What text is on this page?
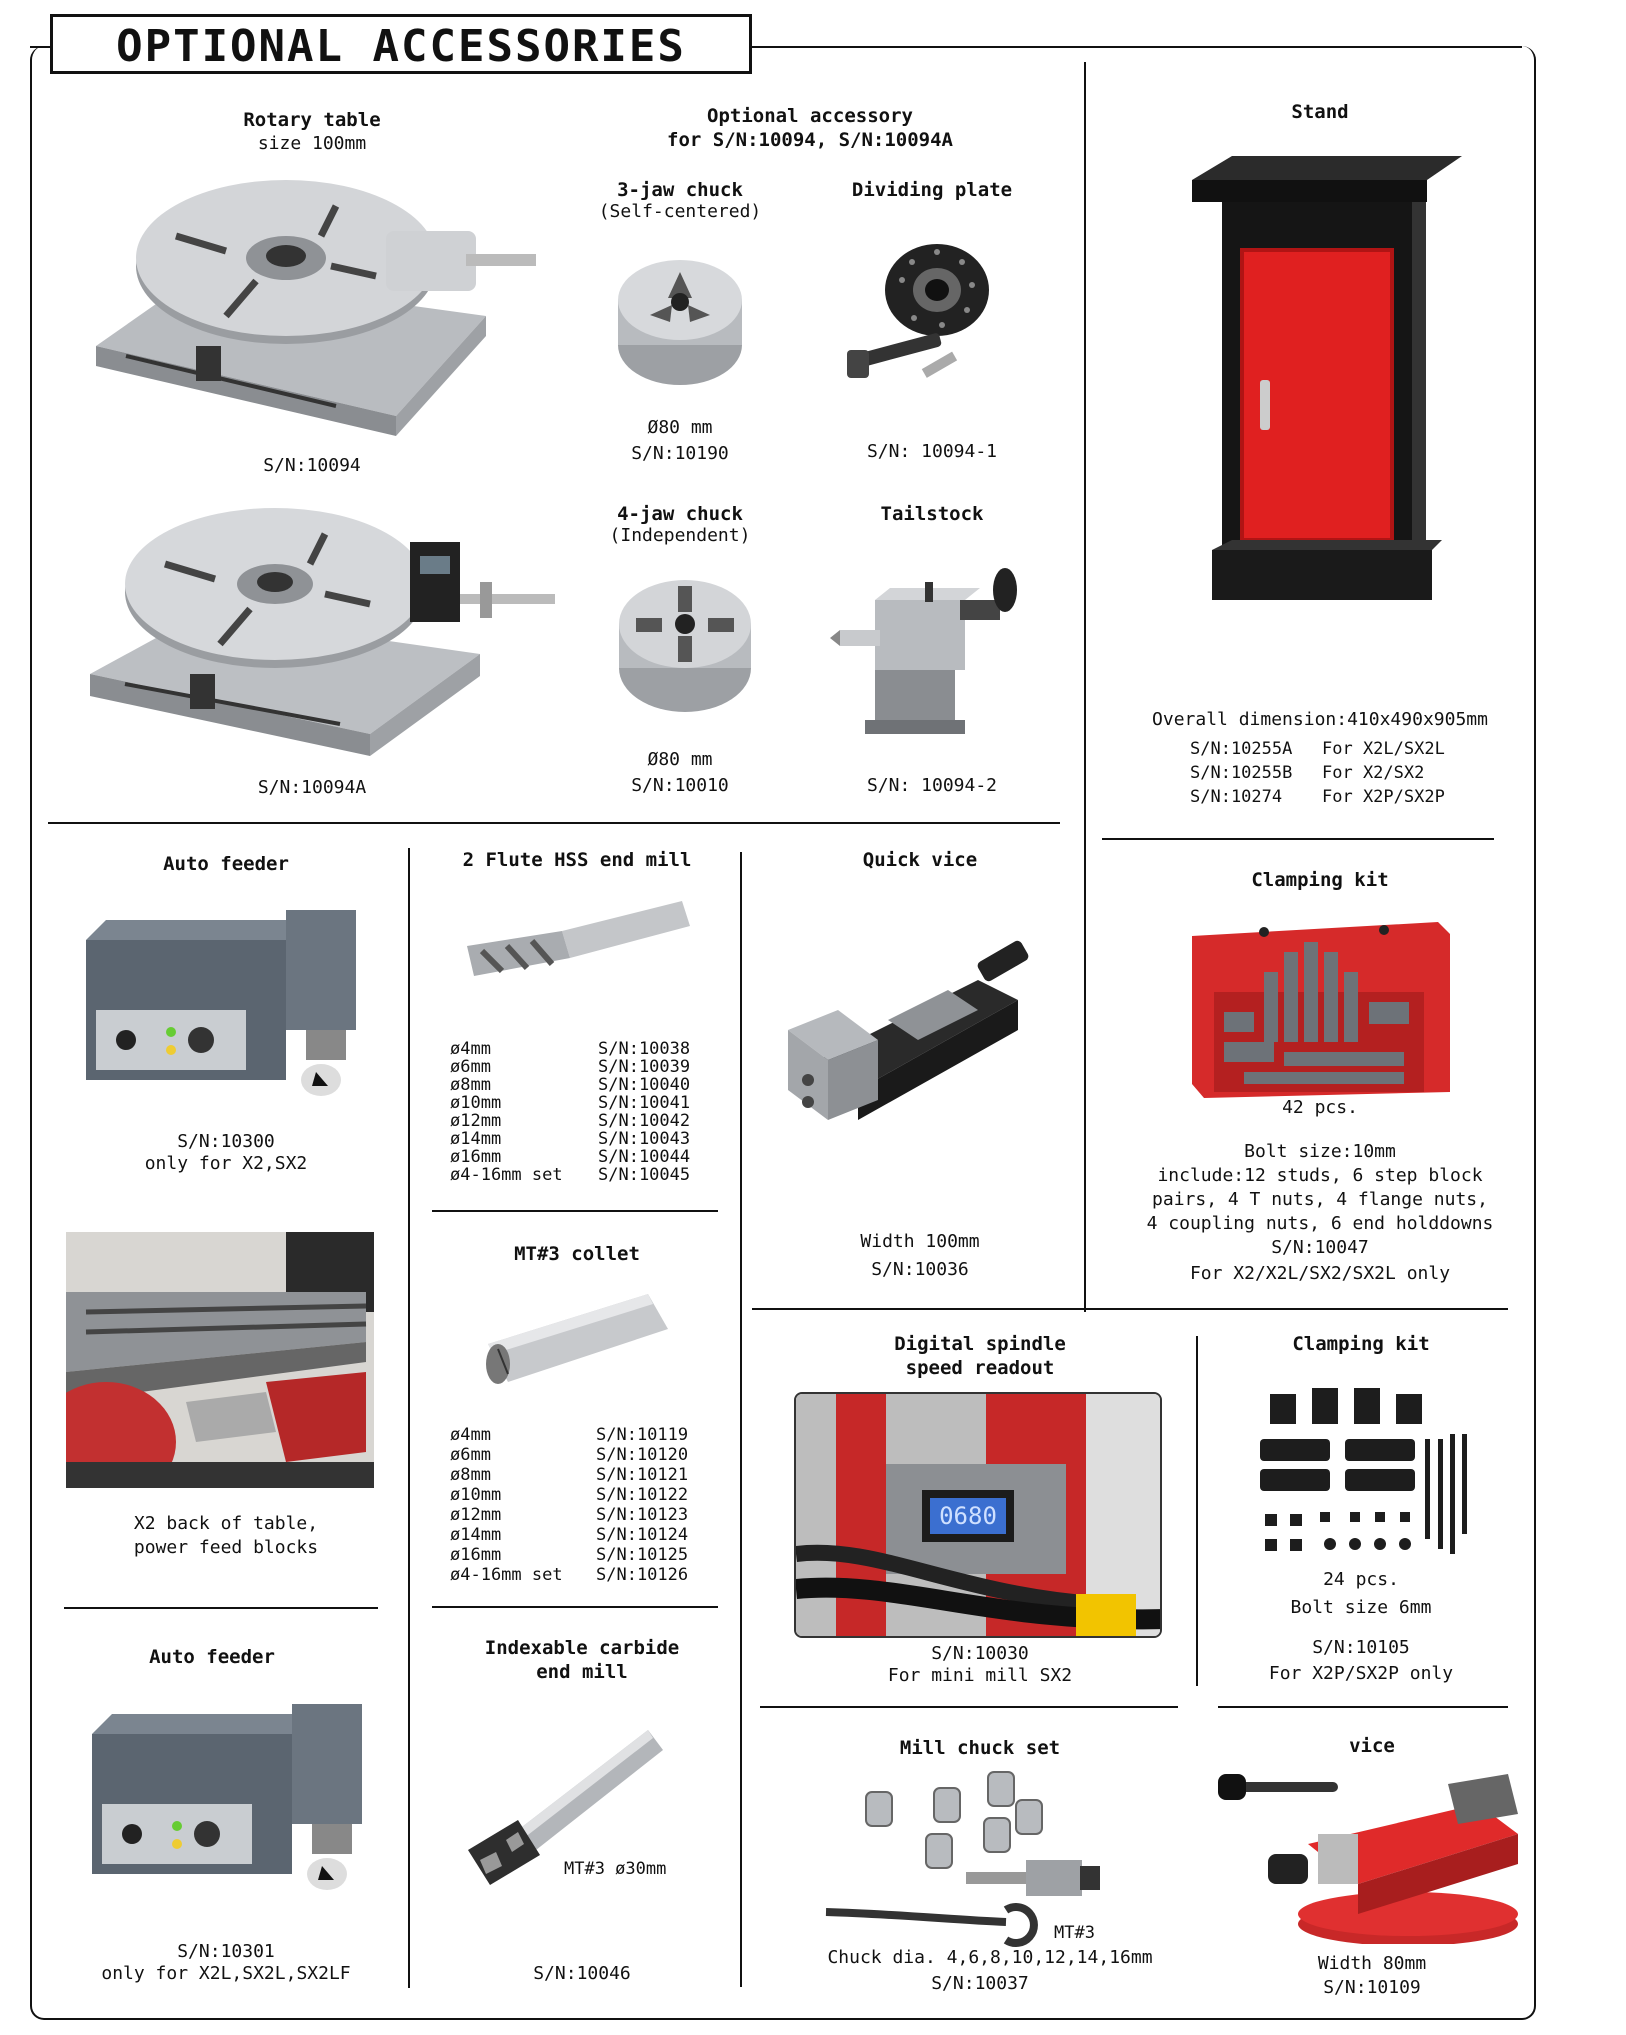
OPTIONAL ACCESSORIES
Rotary table
size 100mm
S/N:10094
S/N:10094A
Optional accessory
for S/N:10094, S/N:10094A
3-jaw chuck
(Self-centered)
Ø80 mm
S/N:10190
Dividing plate
S/N: 10094-1
4-jaw chuck
(Independent)
Ø80 mm
S/N:10010
Tailstock
S/N: 10094-2
Stand
Overall dimension:410x490x905mm
S/N:10255A For X2L/SX2L
S/N:10255B For X2/SX2
S/N:10274 For X2P/SX2P
Auto feeder
S/N:10300
only for X2,SX2
X2 back of table,
power feed blocks
Auto feeder
S/N:10301
only for X2L,SX2L,SX2LF
2 Flute HSS end mill
ø4mm	S/N:10038
ø6mm	S/N:10039
ø8mm	S/N:10040
ø10mm	S/N:10041
ø12mm	S/N:10042
ø14mm	S/N:10043
ø16mm	S/N:10044
ø4-16mm set S/N:10045
MT#3 collet
ø4mm	S/N:10119
ø6mm	S/N:10120
ø8mm	S/N:10121
ø10mm	S/N:10122
ø12mm	S/N:10123
ø14mm	S/N:10124
ø16mm	S/N:10125
ø4-16mm set S/N:10126
Indexable carbide
end mill
MT#3 ø30mm
S/N:10046
Quick vice
Width 100mm
S/N:10036
Clamping kit
42 pcs.
Bolt size:10mm
include:12 studs, 6 step block
pairs, 4 T nuts, 4 flange nuts,
4 coupling nuts, 6 end holddowns
S/N:10047
For X2/X2L/SX2/SX2L only
Digital spindle
speed readout
0680
S/N:10030
For mini mill SX2
Clamping kit
24 pcs.
Bolt size 6mm
S/N:10105
For X2P/SX2P only
Mill chuck set
MT#3
Chuck dia. 4,6,8,10,12,14,16mm
S/N:10037
vice
Width 80mm
S/N:10109
